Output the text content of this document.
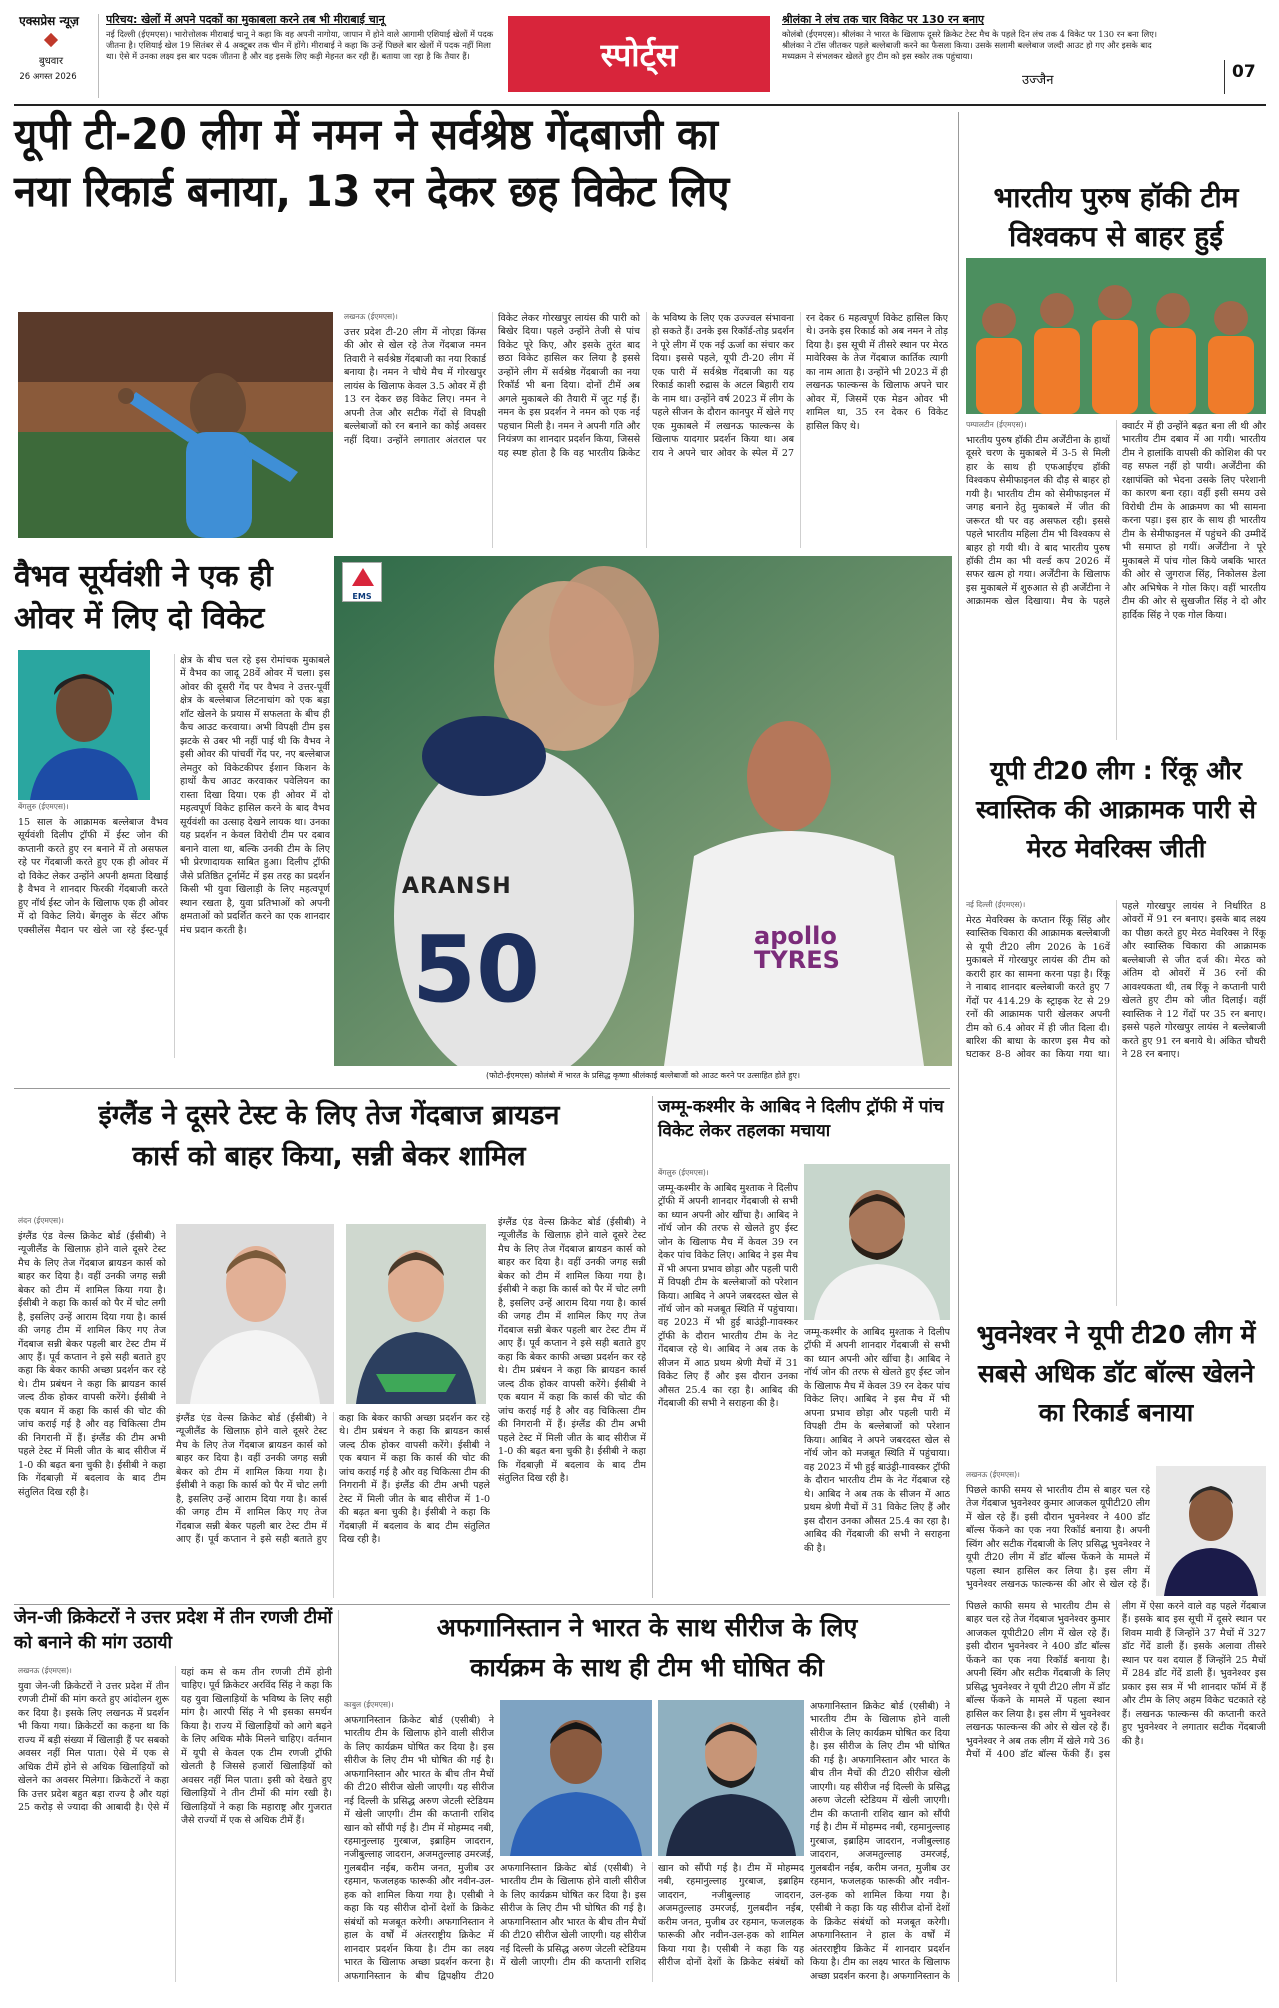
एक्सप्रेस न्यूज़
बुधवार
26 अगस्त 2026
परिचय: खेलों में अपने पदकों का मुकाबला करने तब भी मीराबाई चानू
नई दिल्ली (ईएमएस)। भारोत्तोलक मीराबाई चानू ने कहा कि वह अपनी नागोया, जापान में होने वाले आगामी एशियाई खेलों में पदक जीतना है। एशियाई खेल 19 सितंबर से 4 अक्टूबर तक चीन में होंगे। मीराबाई ने कहा कि उन्हें पिछले बार खेलों में पदक नहीं मिला था। ऐसे में उनका लक्ष्य इस बार पदक जीतना है और वह इसके लिए कड़ी मेहनत कर रही हैं। बताया जा रहा है कि तैयार हैं।	स्पोर्ट्स
श्रीलंका ने लंच तक चार विकेट पर 130 रन बनाए
कोलंबो (ईएमएस)। श्रीलंका ने भारत के खिलाफ दूसरे क्रिकेट टेस्ट मैच के पहले दिन लंच तक 4 विकेट पर 130 रन बना लिए। श्रीलंका ने टॉस जीतकर पहले बल्लेबाजी करने का फैसला किया। उसके सलामी बल्लेबाज जल्दी आउट हो गए और इसके बाद मध्यक्रम ने संभलकर खेलते हुए टीम को इस स्कोर तक पहुंचाया।
उज्जैन	07
यूपी टी-20 लीग में नमन ने सर्वश्रेष्ठ गेंदबाजी का
नया रिकार्ड बनाया, 13 रन देकर छह विकेट लिए
लखनऊ (ईएमएस)।
उत्तर प्रदेश टी-20 लीग में नोएडा किंग्स की ओर से खेल रहे तेज गेंदबाज नमन तिवारी ने सर्वश्रेष्ठ गेंदबाजी का नया रिकार्ड बनाया है। नमन ने चौथे मैच में गोरखपुर लायंस के खिलाफ केवल 3.5 ओवर में ही 13 रन देकर छह विकेट लिए। नमन ने अपनी तेज और सटीक गेंदों से विपक्षी बल्लेबाजों को रन बनाने का कोई अवसर नहीं दिया। उन्होंने लगातार अंतराल पर विकेट लेकर गोरखपुर लायंस की पारी को बिखेर दिया। पहले उन्होंने तेजी से पांच विकेट पूरे किए, और इसके तुरंत बाद छठा विकेट हासिल कर लिया है इससे उन्होंने लीग में सर्वश्रेष्ठ गेंदबाजी का नया रिकॉर्ड भी बना दिया। दोनों टीमें अब अगले मुकाबले की तैयारी में जुट गई हैं। नमन के इस प्रदर्शन ने नमन को एक नई पहचान मिली है। नमन ने अपनी गति और नियंत्रण का शानदार प्रदर्शन किया, जिससे यह स्पष्ट होता है कि वह भारतीय क्रिकेट के भविष्य के लिए एक उज्ज्वल संभावना हो सकते हैं। उनके इस रिकॉर्ड-तोड़ प्रदर्शन ने पूरे लीग में एक नई ऊर्जा का संचार कर दिया। इससे पहले, यूपी टी-20 लीग में एक पारी में सर्वश्रेष्ठ गेंदबाजी का यह रिकार्ड काशी रुद्रास के अटल बिहारी राय के नाम था। उन्होंने वर्ष 2023 में लीग के पहले सीजन के दौरान कानपुर में खेले गए एक मुकाबले में लखनऊ फाल्कन्स के खिलाफ यादगार प्रदर्शन किया था। अब राय ने अपने चार ओवर के स्पेल में 27 रन देकर 6 महत्वपूर्ण विकेट हासिल किए थे। उनके इस रिकार्ड को अब नमन ने तोड़ दिया है। इस सूची में तीसरे स्थान पर मेरठ मावेरिक्स के तेज गेंदबाज कार्तिक त्यागी का नाम आता है। उन्होंने भी 2023 में ही लखनऊ फाल्कन्स के खिलाफ अपने चार ओवर में, जिसमें एक मेडन ओवर भी शामिल था, 35 रन देकर 6 विकेट हासिल किए थे।
EMS
ARANSH
50	apollo TYRES
(फोटो-ईएमएस) कोलंबो में भारत के प्रसिद्ध कृष्णा श्रीलंकाई बल्लेबाजों को आउट करने पर उत्साहित होते हुए।
वैभव सूर्यवंशी ने एक ही ओवर में लिए दो विकेट
बेंगलुरु (ईएमएस)।
15 साल के आक्रामक बल्लेबाज वैभव सूर्यवंशी दिलीप ट्रॉफी में ईस्ट जोन की कप्तानी करते हुए रन बनाने में तो असफल रहे पर गेंदबाजी करते हुए एक ही ओवर में दो विकेट लेकर उन्होंने अपनी क्षमता दिखाई है वैभव ने शानदार फिरकी गेंदबाजी करते हुए नॉर्थ ईस्ट जोन के खिलाफ एक ही ओवर में दो विकेट लिये। बेंगलुरु के सेंटर ऑफ एक्सीलेंस मैदान पर खेले जा रहे ईस्ट-पूर्व क्षेत्र के बीच चल रहे इस रोमांचक मुकाबले में वैभव का जादू 28वें ओवर में चला। इस ओवर की दूसरी गेंद पर वैभव ने उत्तर-पूर्वी क्षेत्र के बल्लेबाज लिटनाचांग को एक बड़ा शॉट खेलने के प्रयास में सफलता के बीच ही कैच आउट करवाया। अभी विपक्षी टीम इस झटके से उबर भी नहीं पाई थी कि वैभव ने इसी ओवर की पांचवीं गेंद पर, नए बल्लेबाज लेमतुर को विकेटकीपर ईशान किशन के हाथों कैच आउट करवाकर पवेलियन का रास्ता दिखा दिया। एक ही ओवर में दो महत्वपूर्ण विकेट हासिल करने के बाद वैभव सूर्यवंशी का उत्साह देखने लायक था। उनका यह प्रदर्शन न केवल विरोधी टीम पर दबाव बनाने वाला था, बल्कि उनकी टीम के लिए भी प्रेरणादायक साबित हुआ। दिलीप ट्रॉफी जैसे प्रतिष्ठित टूर्नामेंट में इस तरह का प्रदर्शन किसी भी युवा खिलाड़ी के लिए महत्वपूर्ण स्थान रखता है, युवा प्रतिभाओं को अपनी क्षमताओं को प्रदर्शित करने का एक शानदार मंच प्रदान करती है।
भारतीय पुरुष हॉकी टीम विश्वकप से बाहर हुई
पम्पालटीन (ईएमएस)।
भारतीय पुरुष हॉकी टीम अर्जेंटीना के हाथों दूसरे चरण के मुकाबले में 3-5 से मिली हार के साथ ही एफआईएच हॉकी विश्वकप सेमीफाइनल की दौड़ से बाहर हो गयी है। भारतीय टीम को सेमीफाइनल में जगह बनाने हेतु मुकाबले में जीत की जरूरत थी पर वह असफल रही। इससे पहले भारतीय महिला टीम भी विश्वकप से बाहर हो गयी थी। वे बाद भारतीय पुरुष हॉकी टीम का भी वर्ल्ड कप 2026 में सफर खत्म हो गया। अर्जेंटीना के खिलाफ इस मुकाबले में शुरुआत से ही अर्जेंटीना ने आक्रामक खेल दिखाया। मैच के पहले क्वार्टर में ही उन्होंने बढ़त बना ली थी और भारतीय टीम दबाव में आ गयी। भारतीय टीम ने हालांकि वापसी की कोशिश की पर वह सफल नहीं हो पायी। अर्जेंटीना की रक्षापंक्ति को भेदना उसके लिए परेशानी का कारण बना रहा। वहीं इसी समय उसे विरोधी टीम के आक्रमण का भी सामना करना पड़ा। इस हार के साथ ही भारतीय टीम के सेमीफाइनल में पहुंचने की उम्मीदें भी समाप्त हो गयीं। अर्जेंटीना ने पूरे मुकाबले में पांच गोल किये जबकि भारत की ओर से जुगराज सिंह, निकोलस डेला और अभिषेक ने गोल किए। वहीं भारतीय टीम की ओर से सुखजीत सिंह ने दो और हार्दिक सिंह ने एक गोल किया।
यूपी टी20 लीग : रिंकू और स्वास्तिक की आक्रामक पारी से मेरठ मेवरिक्स जीती
नई दिल्ली (ईएमएस)।
मेरठ मेवरिक्स के कप्तान रिंकू सिंह और स्वास्तिक चिकारा की आक्रामक बल्लेबाजी से यूपी टी20 लीग 2026 के 16वें मुकाबले में गोरखपुर लायंस की टीम को करारी हार का सामना करना पड़ा है। रिंकू ने नाबाद शानदार बल्लेबाजी करते हुए 7 गेंदों पर 414.29 के स्ट्राइक रेट से 29 रनों की आक्रामक पारी खेलकर अपनी टीम को 6.4 ओवर में ही जीत दिला दी। बारिश की बाधा के कारण इस मैच को घटाकर 8-8 ओवर का किया गया था। पहले गोरखपुर लायंस ने निर्धारित 8 ओवरों में 91 रन बनाए। इसके बाद लक्ष्य का पीछा करते हुए मेरठ मेवरिक्स ने रिंकू और स्वास्तिक चिकारा की आक्रामक बल्लेबाजी से जीत दर्ज की। मेरठ को अंतिम दो ओवरों में 36 रनों की आवश्यकता थी, तब रिंकू ने कप्तानी पारी खेलते हुए टीम को जीत दिलाई। वहीं स्वास्तिक ने 12 गेंदों पर 35 रन बनाए। इससे पहले गोरखपुर लायंस ने बल्लेबाजी करते हुए 91 रन बनाये थे। अंकित चौधरी ने 28 रन बनाए।
भुवनेश्वर ने यूपी टी20 लीग में सबसे अधिक डॉट बॉल्स खेलने का रिकार्ड बनाया
लखनऊ (ईएमएस)।
पिछले काफी समय से भारतीय टीम से बाहर चल रहे तेज गेंदबाज भुवनेश्वर कुमार आजकल यूपीटी20 लीग में खेल रहे हैं। इसी दौरान भुवनेश्वर ने 400 डॉट बॉल्स फेंकने का एक नया रिकॉर्ड बनाया है। अपनी स्विंग और सटीक गेंदबाजी के लिए प्रसिद्ध भुवनेश्वर ने यूपी टी20 लीग में डॉट बॉल्स फेंकने के मामले में पहला स्थान हासिल कर लिया है। इस लीग में भुवनेश्वर लखनऊ फाल्कन्स की ओर से खेल रहे हैं।
पिछले काफी समय से भारतीय टीम से बाहर चल रहे तेज गेंदबाज भुवनेश्वर कुमार आजकल यूपीटी20 लीग में खेल रहे हैं। इसी दौरान भुवनेश्वर ने 400 डॉट बॉल्स फेंकने का एक नया रिकॉर्ड बनाया है। अपनी स्विंग और सटीक गेंदबाजी के लिए प्रसिद्ध भुवनेश्वर ने यूपी टी20 लीग में डॉट बॉल्स फेंकने के मामले में पहला स्थान हासिल कर लिया है। इस लीग में भुवनेश्वर लखनऊ फाल्कन्स की ओर से खेल रहे हैं। भुवनेश्वर ने अब तक लीग में खेले गये 36 मैचों में 400 डॉट बॉल्स फेंकी हैं। इस लीग में ऐसा करने वाले वह पहले गेंदबाज हैं। इसके बाद इस सूची में दूसरे स्थान पर शिवम मावी हैं जिन्होंने 37 मैचों में 327 डॉट गेंदें डाली हैं। इसके अलावा तीसरे स्थान पर यश दयाल हैं जिन्होंने 25 मैचों में 284 डॉट गेंदें डाली हैं। भुवनेश्वर इस प्रकार इस सत्र में भी शानदार फॉर्म में हैं और टीम के लिए अहम विकेट चटकाते रहे हैं। लखनऊ फाल्कन्स की कप्तानी करते हुए भुवनेश्वर ने लगातार सटीक गेंदबाजी की है।
इंग्लैंड ने दूसरे टेस्ट के लिए तेज गेंदबाज ब्रायडन
कार्स को बाहर किया, सन्नी बेकर शामिल
लंदन (ईएमएस)।
इंग्लैंड एंड वेल्स क्रिकेट बोर्ड (ईसीबी) ने न्यूजीलैंड के खिलाफ़ होने वाले दूसरे टेस्ट मैच के लिए तेज गेंदबाज ब्रायडन कार्स को बाहर कर दिया है। वहीं उनकी जगह सन्नी बेकर को टीम में शामिल किया गया है। ईसीबी ने कहा कि कार्स को पैर में चोट लगी है, इसलिए उन्हें आराम दिया गया है। कार्स की जगह टीम में शामिल किए गए तेज गेंदबाज सन्नी बेकर पहली बार टेस्ट टीम में आए हैं। पूर्व कप्तान ने इसे सही बताते हुए कहा कि बेकर काफी अच्छा प्रदर्शन कर रहे थे। टीम प्रबंधन ने कहा कि ब्रायडन कार्स जल्द ठीक होकर वापसी करेंगे। ईसीबी ने एक बयान में कहा कि कार्स की चोट की जांच कराई गई है और वह चिकित्सा टीम की निगरानी में हैं। इंग्लैंड की टीम अभी पहले टेस्ट में मिली जीत के बाद सीरीज में 1-0 की बढ़त बना चुकी है। ईसीबी ने कहा कि गेंदबाज़ी में बदलाव के बाद टीम संतुलित दिख रही है।
इंग्लैंड एंड वेल्स क्रिकेट बोर्ड (ईसीबी) ने न्यूजीलैंड के खिलाफ़ होने वाले दूसरे टेस्ट मैच के लिए तेज गेंदबाज ब्रायडन कार्स को बाहर कर दिया है। वहीं उनकी जगह सन्नी बेकर को टीम में शामिल किया गया है। ईसीबी ने कहा कि कार्स को पैर में चोट लगी है, इसलिए उन्हें आराम दिया गया है। कार्स की जगह टीम में शामिल किए गए तेज गेंदबाज सन्नी बेकर पहली बार टेस्ट टीम में आए हैं। पूर्व कप्तान ने इसे सही बताते हुए कहा कि बेकर काफी अच्छा प्रदर्शन कर रहे थे। टीम प्रबंधन ने कहा कि ब्रायडन कार्स जल्द ठीक होकर वापसी करेंगे। ईसीबी ने एक बयान में कहा कि कार्स की चोट की जांच कराई गई है और वह चिकित्सा टीम की निगरानी में हैं। इंग्लैंड की टीम अभी पहले टेस्ट में मिली जीत के बाद सीरीज में 1-0 की बढ़त बना चुकी है। ईसीबी ने कहा कि गेंदबाज़ी में बदलाव के बाद टीम संतुलित दिख रही है।
इंग्लैंड एंड वेल्स क्रिकेट बोर्ड (ईसीबी) ने न्यूजीलैंड के खिलाफ़ होने वाले दूसरे टेस्ट मैच के लिए तेज गेंदबाज ब्रायडन कार्स को बाहर कर दिया है। वहीं उनकी जगह सन्नी बेकर को टीम में शामिल किया गया है। ईसीबी ने कहा कि कार्स को पैर में चोट लगी है, इसलिए उन्हें आराम दिया गया है। कार्स की जगह टीम में शामिल किए गए तेज गेंदबाज सन्नी बेकर पहली बार टेस्ट टीम में आए हैं। पूर्व कप्तान ने इसे सही बताते हुए कहा कि बेकर काफी अच्छा प्रदर्शन कर रहे थे। टीम प्रबंधन ने कहा कि ब्रायडन कार्स जल्द ठीक होकर वापसी करेंगे। ईसीबी ने एक बयान में कहा कि कार्स की चोट की जांच कराई गई है और वह चिकित्सा टीम की निगरानी में हैं। इंग्लैंड की टीम अभी पहले टेस्ट में मिली जीत के बाद सीरीज में 1-0 की बढ़त बना चुकी है। ईसीबी ने कहा कि गेंदबाज़ी में बदलाव के बाद टीम संतुलित दिख रही है।
जम्मू-कश्मीर के आबिद ने दिलीप ट्रॉफी में पांच विकेट लेकर तहलका मचाया
बेंगलुरु (ईएमएस)।
जम्मू-कश्मीर के आबिद मुश्ताक ने दिलीप ट्रॉफी में अपनी शानदार गेंदबाजी से सभी का ध्यान अपनी ओर खींचा है। आबिद ने नॉर्थ जोन की तरफ से खेलते हुए ईस्ट जोन के खिलाफ मैच में केवल 39 रन देकर पांच विकेट लिए। आबिद ने इस मैच में भी अपना प्रभाव छोड़ा और पहली पारी में विपक्षी टीम के बल्लेबाजों को परेशान किया। आबिद ने अपने जबरदस्त खेल से नॉर्थ जोन को मजबूत स्थिति में पहुंचाया। वह 2023 में भी हुई बाउंड्री-गावस्कर ट्रॉफी के दौरान भारतीय टीम के नेट गेंदबाज रहे थे। आबिद ने अब तक के सीजन में आठ प्रथम श्रेणी मैचों में 31 विकेट लिए हैं और इस दौरान उनका औसत 25.4 का रहा है। आबिद की गेंदबाजी की सभी ने सराहना की है।
जम्मू-कश्मीर के आबिद मुश्ताक ने दिलीप ट्रॉफी में अपनी शानदार गेंदबाजी से सभी का ध्यान अपनी ओर खींचा है। आबिद ने नॉर्थ जोन की तरफ से खेलते हुए ईस्ट जोन के खिलाफ मैच में केवल 39 रन देकर पांच विकेट लिए। आबिद ने इस मैच में भी अपना प्रभाव छोड़ा और पहली पारी में विपक्षी टीम के बल्लेबाजों को परेशान किया। आबिद ने अपने जबरदस्त खेल से नॉर्थ जोन को मजबूत स्थिति में पहुंचाया। वह 2023 में भी हुई बाउंड्री-गावस्कर ट्रॉफी के दौरान भारतीय टीम के नेट गेंदबाज रहे थे। आबिद ने अब तक के सीजन में आठ प्रथम श्रेणी मैचों में 31 विकेट लिए हैं और इस दौरान उनका औसत 25.4 का रहा है। आबिद की गेंदबाजी की सभी ने सराहना की है।
जेन-जी क्रिकेटरों ने उत्तर प्रदेश में तीन रणजी टीमों को बनाने की मांग उठायी
लखनऊ (ईएमएस)।
युवा जेन-जी क्रिकेटरों ने उत्तर प्रदेश में तीन रणजी टीमों की मांग करते हुए आंदोलन शुरू कर दिया है। इसके लिए लखनऊ में प्रदर्शन भी किया गया। क्रिकेटरों का कहना था कि राज्य में बड़ी संख्या में खिलाड़ी हैं पर सबको अवसर नहीं मिल पाता। ऐसे में एक से अधिक टीमें होने से अधिक खिलाड़ियों को खेलने का अवसर मिलेगा। क्रिकेटरों ने कहा कि उत्तर प्रदेश बहुत बड़ा राज्य है और यहां 25 करोड़ से ज्यादा की आबादी है। ऐसे में यहां कम से कम तीन रणजी टीमें होनी चाहिए। पूर्व क्रिकेटर अरविंद सिंह ने कहा कि यह युवा खिलाड़ियों के भविष्य के लिए सही मांग है। आरपी सिंह ने भी इसका समर्थन किया है। राज्य में खिलाड़ियों को आगे बढ़ने के लिए अधिक मौके मिलने चाहिए। वर्तमान में यूपी से केवल एक टीम रणजी ट्रॉफी खेलती है जिससे हजारों खिलाड़ियों को अवसर नहीं मिल पाता। इसी को देखते हुए खिलाड़ियों ने तीन टीमों की मांग रखी है। खिलाड़ियों ने कहा कि महाराष्ट्र और गुजरात जैसे राज्यों में एक से अधिक टीमें हैं।
अफगानिस्तान ने भारत के साथ सीरीज के लिए
कार्यक्रम के साथ ही टीम भी घोषित की
काबुल (ईएमएस)।
अफगानिस्तान क्रिकेट बोर्ड (एसीबी) ने भारतीय टीम के खिलाफ होने वाली सीरीज के लिए कार्यक्रम घोषित कर दिया है। इस सीरीज के लिए टीम भी घोषित की गई है। अफगानिस्तान और भारत के बीच तीन मैचों की टी20 सीरीज खेली जाएगी। यह सीरीज नई दिल्ली के प्रसिद्ध अरुण जेटली स्टेडियम में खेली जाएगी। टीम की कप्तानी राशिद खान को सौंपी गई है। टीम में मोहम्मद नबी, रहमानुल्लाह गुरबाज, इब्राहिम जादरान, नजीबुल्लाह जादरान, अजमतुल्लाह उमरजई, गुलबदीन नईब, करीम जनत, मुजीब उर रहमान, फजलहक फारूकी और नवीन-उल-हक को शामिल किया गया है। एसीबी ने कहा कि यह सीरीज दोनों देशों के क्रिकेट संबंधों को मजबूत करेगी। अफगानिस्तान ने हाल के वर्षों में अंतरराष्ट्रीय क्रिकेट में शानदार प्रदर्शन किया है। टीम का लक्ष्य भारत के खिलाफ अच्छा प्रदर्शन करना है। अफगानिस्तान के बीच द्विपक्षीय टी20
अफगानिस्तान क्रिकेट बोर्ड (एसीबी) ने भारतीय टीम के खिलाफ होने वाली सीरीज के लिए कार्यक्रम घोषित कर दिया है। इस सीरीज के लिए टीम भी घोषित की गई है। अफगानिस्तान और भारत के बीच तीन मैचों की टी20 सीरीज खेली जाएगी। यह सीरीज नई दिल्ली के प्रसिद्ध अरुण जेटली स्टेडियम में खेली जाएगी। टीम की कप्तानी राशिद खान को सौंपी गई है। टीम में मोहम्मद नबी, रहमानुल्लाह गुरबाज, इब्राहिम जादरान, नजीबुल्लाह जादरान, अजमतुल्लाह उमरजई, गुलबदीन नईब, करीम जनत, मुजीब उर रहमान, फजलहक फारूकी और नवीन-उल-हक को शामिल किया गया है। एसीबी ने कहा कि यह सीरीज दोनों देशों के क्रिकेट संबंधों को
अफगानिस्तान क्रिकेट बोर्ड (एसीबी) ने भारतीय टीम के खिलाफ होने वाली सीरीज के लिए कार्यक्रम घोषित कर दिया है। इस सीरीज के लिए टीम भी घोषित की गई है। अफगानिस्तान और भारत के बीच तीन मैचों की टी20 सीरीज खेली जाएगी। यह सीरीज नई दिल्ली के प्रसिद्ध अरुण जेटली स्टेडियम में खेली जाएगी। टीम की कप्तानी राशिद खान को सौंपी गई है। टीम में मोहम्मद नबी, रहमानुल्लाह गुरबाज, इब्राहिम जादरान, नजीबुल्लाह जादरान, अजमतुल्लाह उमरजई, गुलबदीन नईब, करीम जनत, मुजीब उर रहमान, फजलहक फारूकी और नवीन-उल-हक को शामिल किया गया है। एसीबी ने कहा कि यह सीरीज दोनों देशों के क्रिकेट संबंधों को मजबूत करेगी। अफगानिस्तान ने हाल के वर्षों में अंतरराष्ट्रीय क्रिकेट में शानदार प्रदर्शन किया है। टीम का लक्ष्य भारत के खिलाफ अच्छा प्रदर्शन करना है। अफगानिस्तान के
